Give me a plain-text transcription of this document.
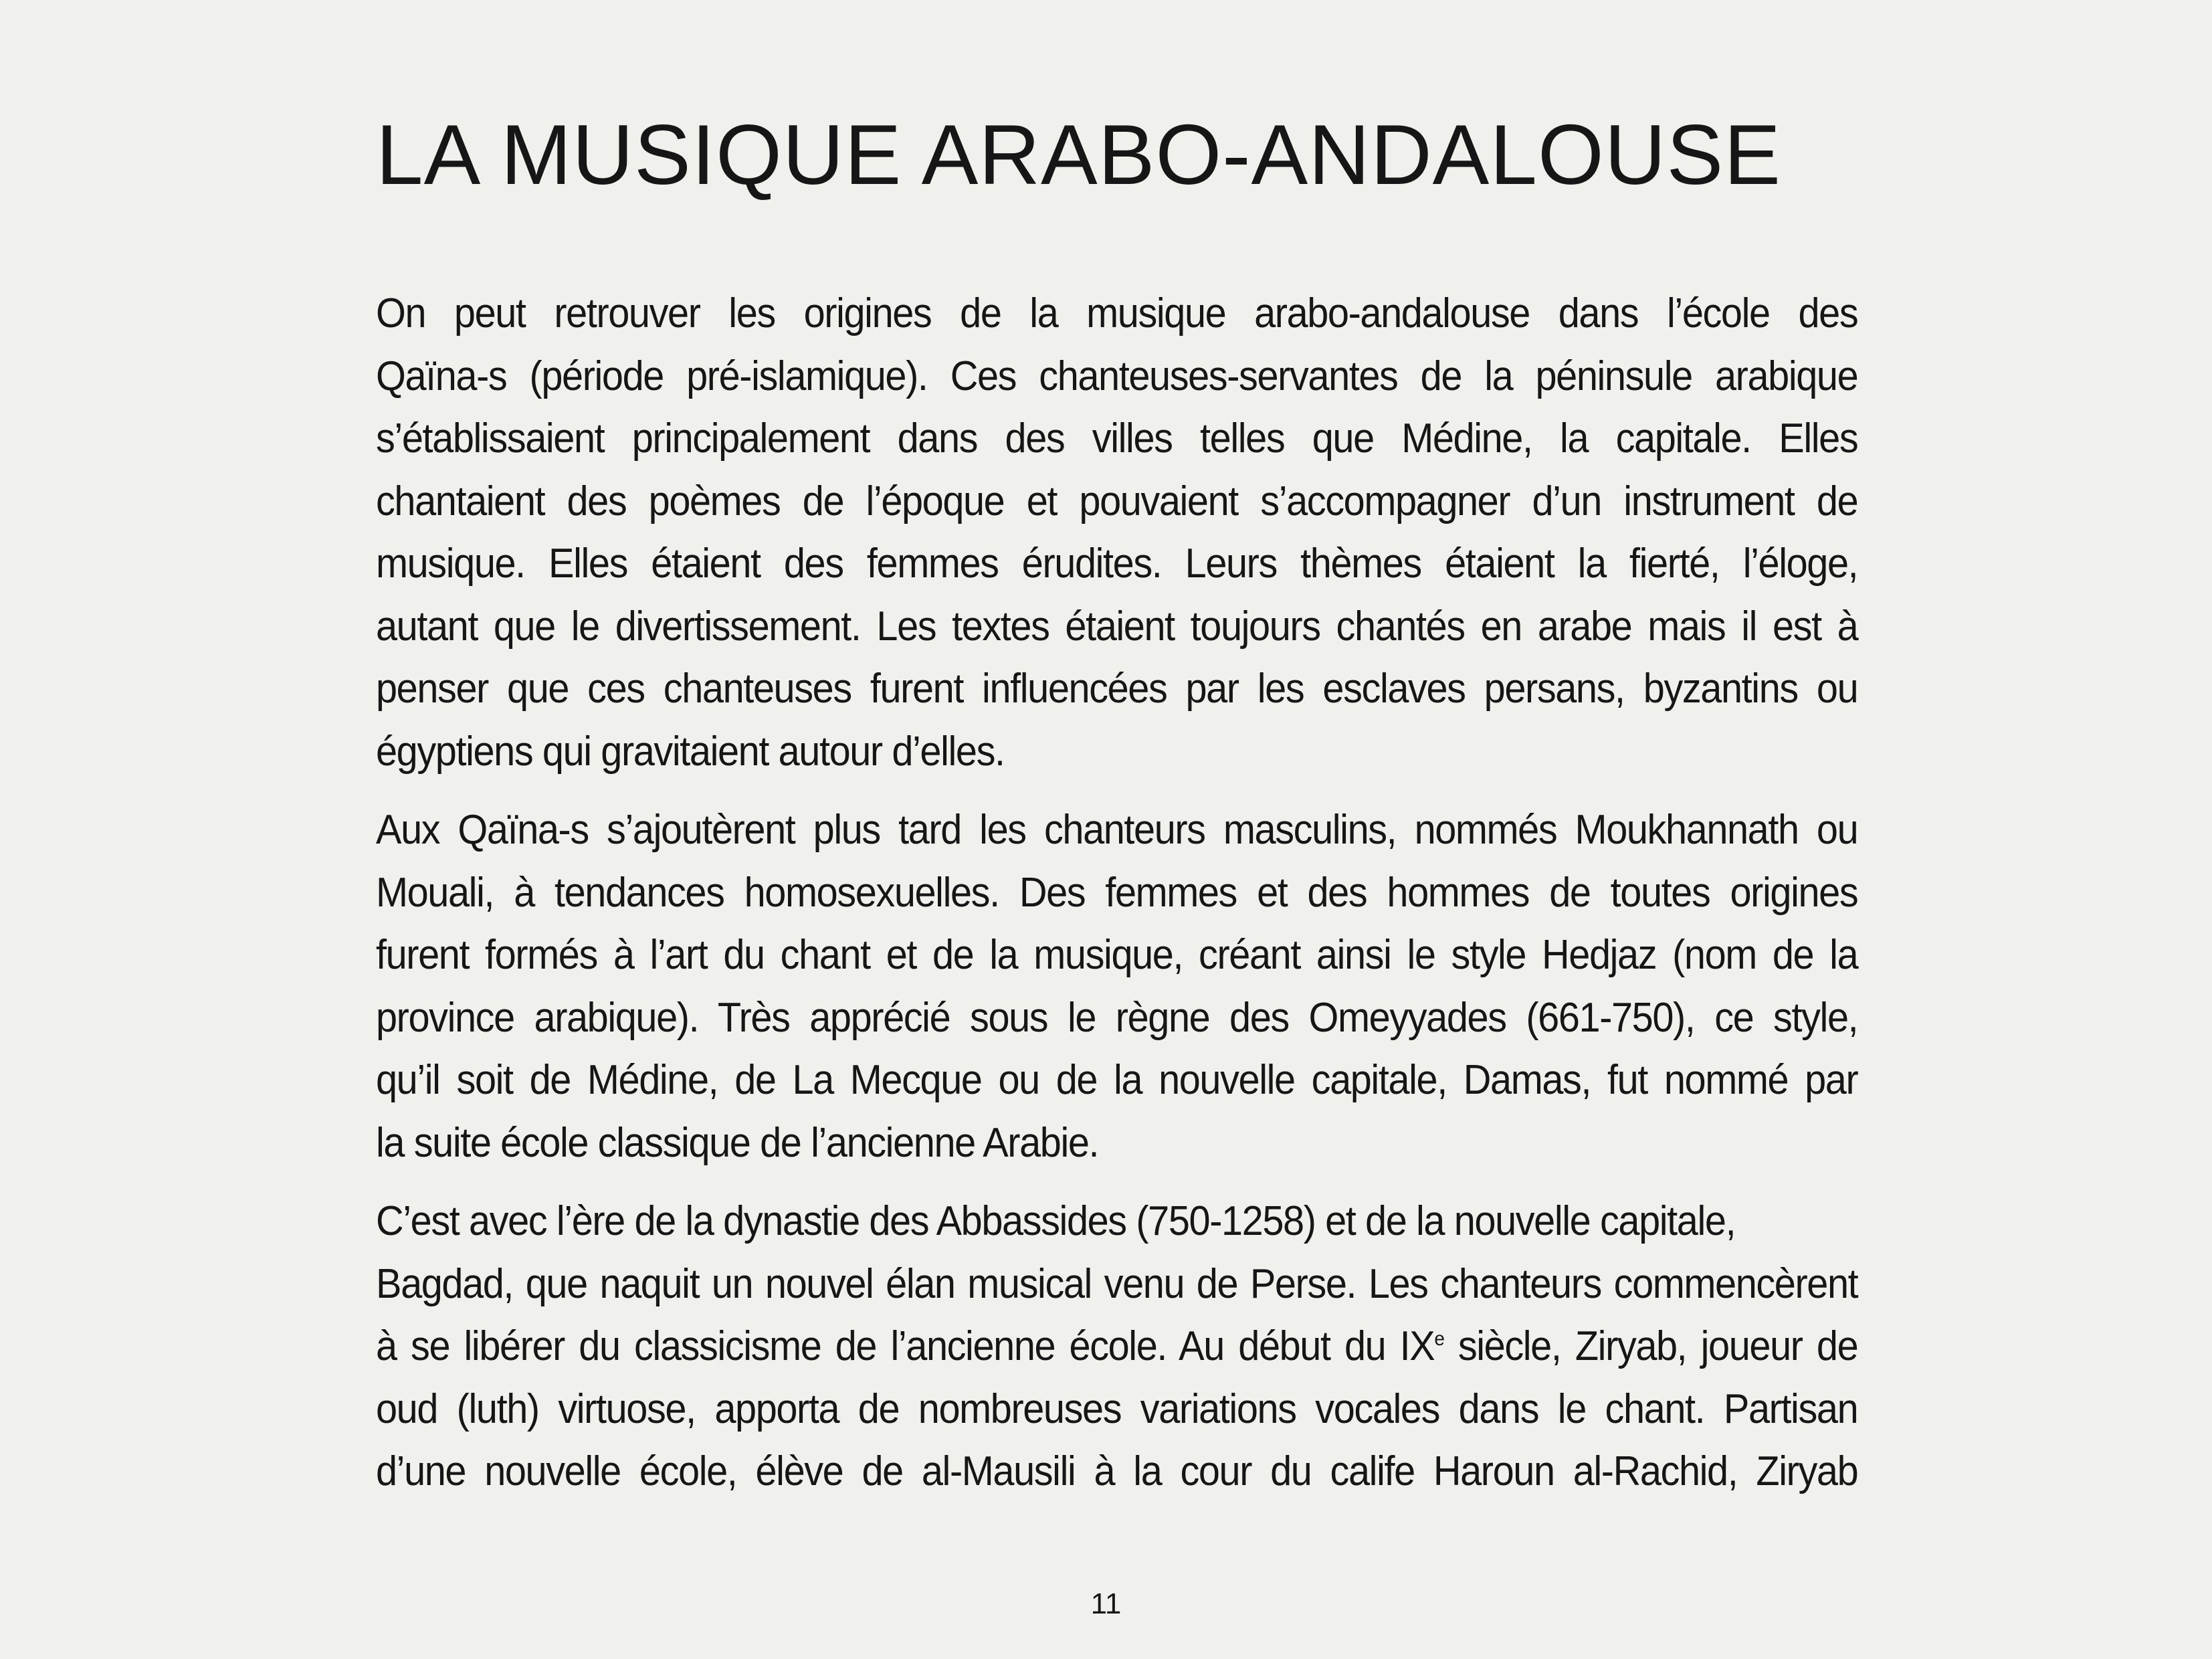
LA MUSIQUE ARABO-ANDALOUSE

On peut retrouver les origines de la musique arabo-andalouse dans l’école des
Qaïna-s (période pré-islamique). Ces chanteuses-servantes de la péninsule arabique
s’établissaient principalement dans des villes telles que Médine, la capitale. Elles
chantaient des poèmes de l’époque et pouvaient s’accompagner d’un instrument de
musique. Elles étaient des femmes érudites. Leurs thèmes étaient la fierté, l’éloge,
autant que le divertissement. Les textes étaient toujours chantés en arabe mais il est à
penser que ces chanteuses furent influencées par les esclaves persans, byzantins ou
égyptiens qui gravitaient autour d’elles.

Aux Qaïna-s s’ajoutèrent plus tard les chanteurs masculins, nommés Moukhannath ou
Mouali, à tendances homosexuelles. Des femmes et des hommes de toutes origines
furent formés à l’art du chant et de la musique, créant ainsi le style Hedjaz (nom de la
province arabique). Très apprécié sous le règne des Omeyyades (661-750), ce style,
qu’il soit de Médine, de La Mecque ou de la nouvelle capitale, Damas, fut nommé par
la suite école classique de l’ancienne Arabie.

C’est avec l’ère de la dynastie des Abbassides (750-1258) et de la nouvelle capitale,
Bagdad, que naquit un nouvel élan musical venu de Perse. Les chanteurs commencèrent
à se libérer du classicisme de l’ancienne école. Au début du IXe siècle, Ziryab, joueur de
oud (luth) virtuose, apporta de nombreuses variations vocales dans le chant. Partisan
d’une nouvelle école, élève de al-Mausili à la cour du calife Haroun al-Rachid, Ziryab

11
